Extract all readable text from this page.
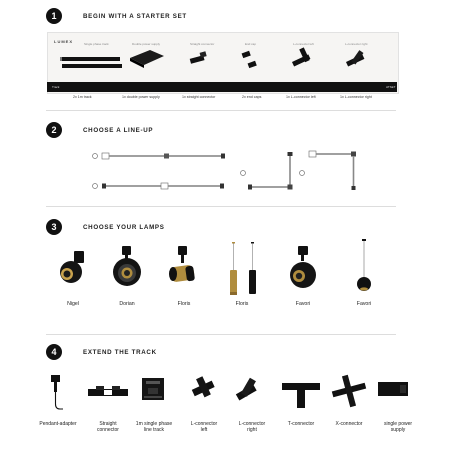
1	BEGIN WITH A STARTER SET
LUMEX	Single phase track	Double power supply	Straight connector	End cap	L-connector left	L-connector right
Track	ATSET
2x 1m track	1x double power supply	1x straight connector	2x end caps	1x L-connector left	1x L-connector right
2	CHOOSE A LINE-UP
3	CHOOSE YOUR LAMPS
Nigel	Dorian	Floris	Floris	Favori	Favori
4	EXTEND THE TRACK
Pendant-adapter	Straight
connector
1m single phase
line track
L-connector
left
L-connector
right
T-connector	X-connector	single power
supply
